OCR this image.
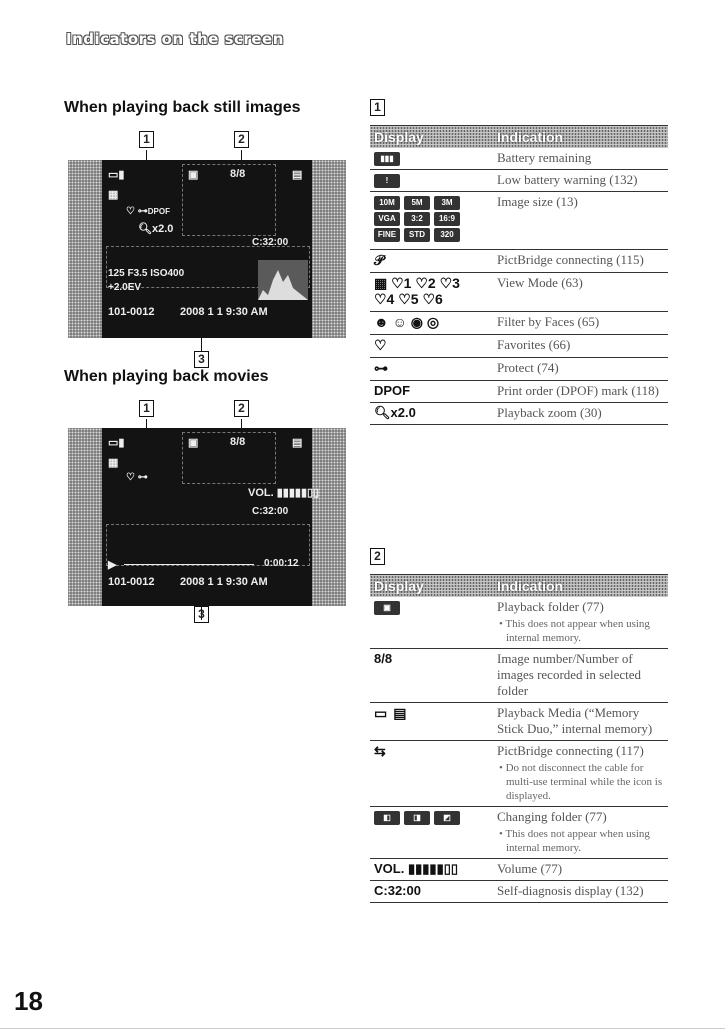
Indicators on the screen
When playing back still images
1	2
▭▮
▦
♡ ⊶DPOF
🔍︎x2.0
▣	8/8	▤
C:32:00
125 F3.5 ISO400
+2.0EV
101-0012 2008 1 1 9:30 AM
3
When playing back movies
1	2
▭▮
▦
♡ ⊶
▣	8/8	▤
VOL. ▮▮▮▮▮▯▯
C:32:00
▶	0:00:12
101-0012 2008 1 1 9:30 AM
3
1
Display	Indication
▮▮▮	Battery remaining
!	Low battery warning (132)
10M 5M 3M
VGA 3:2 16:9
FINE STD 320	Image size (13)
𝒫	PictBridge connecting (115)
▦ ♡1 ♡2 ♡3 ♡4 ♡5 ♡6	View Mode (63)
☻ ☺ ◉ ◎	Filter by Faces (65)
♡	Favorites (66)
⊶	Protect (74)
DPOF	Print order (DPOF) mark (118)
🔍︎x2.0	Playback zoom (30)
2
Display	Indication
▣	Playback folder (77)
• This does not appear when using internal memory.

8/8	Image number/Number of images recorded in selected folder
▭ ▤	Playback Media (“Memory Stick Duo,” internal memory)
⇆	PictBridge connecting (117)
• Do not disconnect the cable for multi-use terminal while the icon is displayed.

◧ ◨ ◩	Changing folder (77)
• This does not appear when using internal memory.

VOL. ▮▮▮▮▮▯▯	Volume (77)
C:32:00	Self-diagnosis display (132)
18
